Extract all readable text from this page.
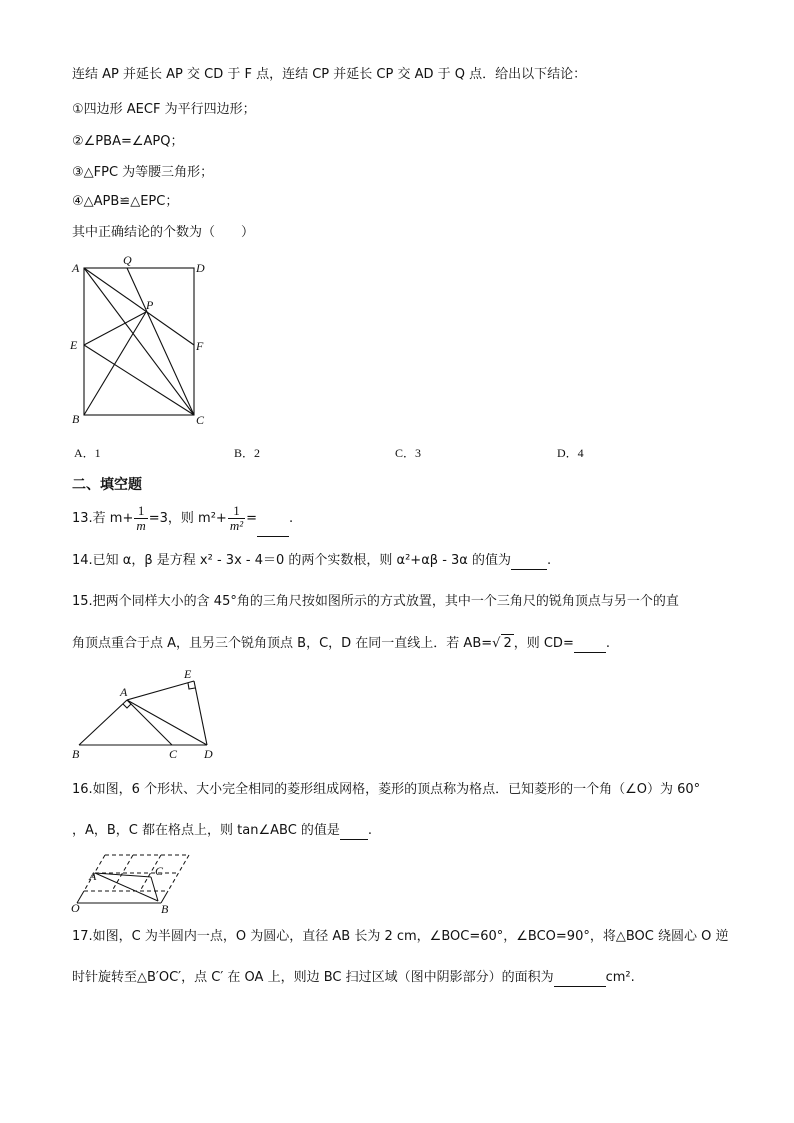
连结 AP 并延长 AP 交 CD 于 F 点，连结 CP 并延长 CP 交 AD 于 Q 点．给出以下结论：
①四边形 AECF 为平行四边形；
②∠PBA=∠APQ；
③△FPC 为等腰三角形；
④△APB≌△EPC；
其中正确结论的个数为（　　）
A
Q
D
P
E	F
B	C
A．1	B．2	C．3	D．4
二、填空题
13.若 $m+ \frac{1}{m} =3$，则 $m^2+ \frac{1}{\text{m²}}$ = .
14.已知 α，β 是方程 x² - 3x - 4＝0 的两个实数根，则 α²+αβ - 3α 的值为	.
15.把两个同样大小的含 45°角的三角尺按如图所示的方式放置，其中一个三角尺的锐角顶点与另一个的直
角顶点重合于点 A，且另三个锐角顶点 B，C，D 在同一直线上．若 AB=√ 2 ，则 CD= .
A
E
B	C D
16.如图，6 个形状、大小完全相同的菱形组成网格，菱形的顶点称为格点．已知菱形的一个角（∠O）为 60°
，A，B，C 都在格点上，则 tan∠ABC 的值是 .
A	C
O	B
17.如图，C 为半圆内一点，O 为圆心，直径 AB 长为 2 cm，∠BOC=60°，∠BCO=90°，将△BOC 绕圆心 O 逆
时针旋转至△B′OC′，点 C′ 在 OA 上，则边 BC 扫过区域（图中阴影部分）的面积为	cm².
